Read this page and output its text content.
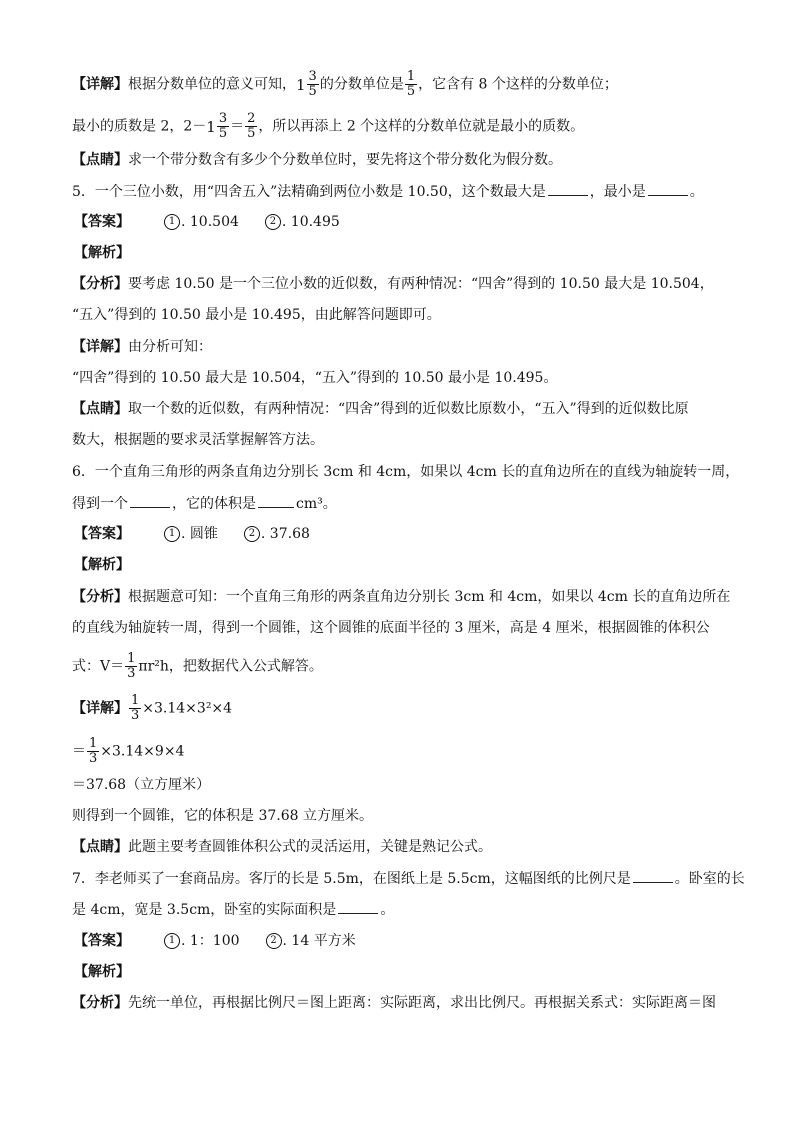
【详解】根据分数单位的意义可知，$1 \frac{3}{5}$ 的分数单位是 $\frac{1}{5}$ ，它含有 8 个这样的分数单位；
最小的质数是 2，$2-1 \frac{3}{5} = \frac{2}{5}$ ，所以再添上 2 个这样的分数单位就是最小的质数。
【点睛】求一个带分数含有多少个分数单位时，要先将这个带分数化为假分数。
5．一个三位小数，用“四舍五入”法精确到两位小数是 10.50，这个数最大是	，最小是	。
【答案】	1 . 10.504	2 . 10.495
【解析】
【分析】要考虑 10.50 是一个三位小数的近似数，有两种情况：“四舍”得到的 10.50 最大是 10.504，
“五入”得到的 10.50 最小是 10.495，由此解答问题即可。
【详解】由分析可知：
“四舍”得到的 10.50 最大是 10.504，“五入”得到的 10.50 最小是 10.495。
【点睛】取一个数的近似数，有两种情况：“四舍”得到的近似数比原数小，“五入”得到的近似数比原
数大，根据题的要求灵活掌握解答方法。
6．一个直角三角形的两条直角边分别长 3cm 和 4cm，如果以 4cm 长的直角边所在的直线为轴旋转一周，
得到一个	，它的体积是	cm³。
【答案】	1 . 圆锥	2 . 37.68
【解析】
【分析】根据题意可知：一个直角三角形的两条直角边分别长 3cm 和 4cm，如果以 4cm 长的直角边所在
的直线为轴旋转一周，得到一个圆锥，这个圆锥的底面半径的 3 厘米，高是 4 厘米，根据圆锥的体积公
式：$V= \frac{1}{3} \pi r^2h$，把数据代入公式解答。
【详解】 $\frac{1}{3} \times 3.14\times 3^2\times 4$
＝ $\frac{1}{3} \times 3.14\times 9\times 4$
＝37.68（立方厘米）
则得到一个圆锥，它的体积是 37.68 立方厘米。
【点睛】此题主要考查圆锥体积公式的灵活运用，关键是熟记公式。
7．李老师买了一套商品房。客厅的长是 5.5m，在图纸上是 5.5cm，这幅图纸的比例尺是	。卧室的长
是 4cm，宽是 3.5cm，卧室的实际面积是	。
【答案】	1 . 1：100	2 . 14 平方米
【解析】
【分析】先统一单位，再根据比例尺＝图上距离：实际距离，求出比例尺。再根据关系式：实际距离＝图
